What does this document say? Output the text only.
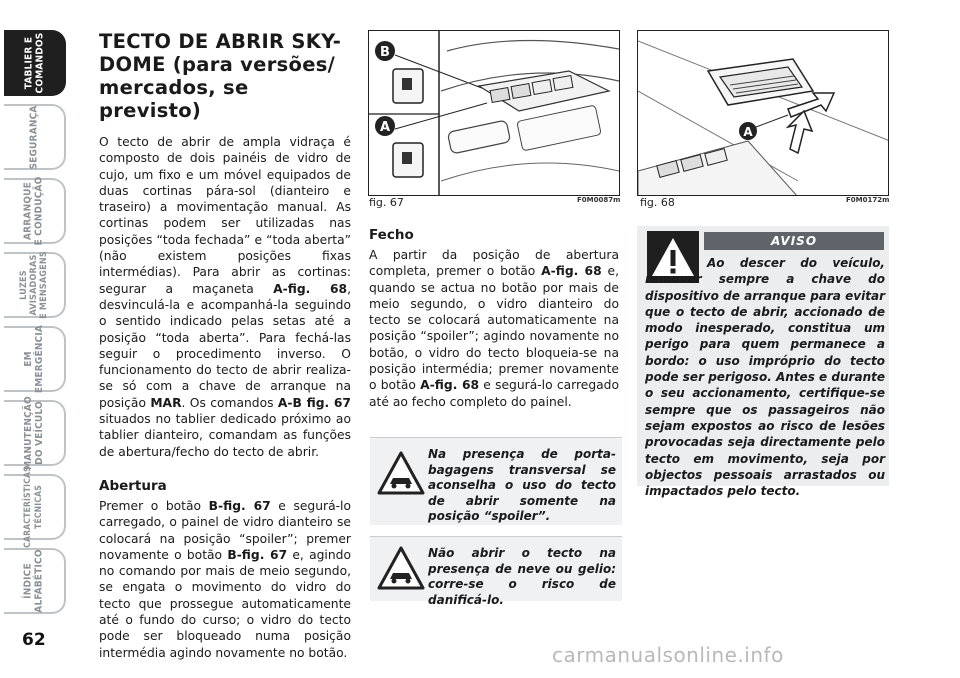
TABLIER E
COMANDOS
SEGURANÇA
ARRANQUE
E CONDUÇÃO
LUZES
AVISADORAS
E MENSAGENS
EM
EMERGÊNCIA
MANUTENÇÃO
DO VEÍCULO
CARACTERÍSTICAS
TÉCNICAS
ÍNDICE
ALFABÉTICO
62
TECTO DE ABRIR SKY-DOME (para versões/ mercados, se previsto)

O tecto de abrir de ampla vidraça é composto de dois painéis de vidro de cujo, um fixo e um móvel equipados de duas cortinas pára-sol (dianteiro e traseiro) a movimentação manual. As cortinas podem ser utilizadas nas posições “toda fechada” e “toda aberta” (não existem posições fixas intermédias). Para abrir as cortinas: segurar a maçaneta A-fig. 68, desvinculá-la e acompanhá-la seguindo o sentido indicado pelas setas até a posição “toda aberta”. Para fechá-las seguir o procedimento inverso. O funcionamento do tecto de abrir realiza-se só com a chave de arranque na posição MAR. Os comandos A-B fig. 67 situados no tablier dedicado próximo ao tablier dianteiro, comandam as funções de abertura/fecho do tecto de abrir.

Abertura

Premer o botão B-fig. 67 e segurá-lo carregado, o painel de vidro dianteiro se colocará na posição “spoiler”; premer novamente o botão B-fig. 67 e, agindo no comando por mais de meio segundo, se engata o movimento do vidro do tecto que prossegue automaticamente até o fundo do curso; o vidro do tecto pode ser bloqueado numa posição intermédia agindo novamente no botão.

B
A
fig. 67	F0M0087m
A
fig. 68	F0M0172m
Fecho

A partir da posição de abertura completa, premer o botão A-fig. 68 e, quando se actua no botão por mais de meio segundo, o vidro dianteiro do tecto se colocará automaticamente na posição “spoiler”; agindo novamente no botão, o vidro do tecto bloqueia-se na posição intermédia; premer novamente o botão A-fig. 68 e segurá-lo carregado até ao fecho completo do painel.

Na presença de porta-bagagens transversal se aconselha o uso do tecto de abrir somente na posição “spoiler”.

Não abrir o tecto na presença de neve ou gelio: corre-se o risco de danificá-lo.

AVISO

Ao descer do veículo, remover sempre a chave do dispositivo de arranque para evitar que o tecto de abrir, accionado de modo inesperado, constitua um perigo para quem permanece a bordo: o uso impróprio do tecto pode ser perigoso. Antes e durante o seu accionamento, certifique-se sempre que os passageiros não sejam expostos ao risco de lesões provocadas seja directamente pelo tecto em movimento, seja por objectos pessoais arrastados ou impactados pelo tecto.

carmanualsonline.info
